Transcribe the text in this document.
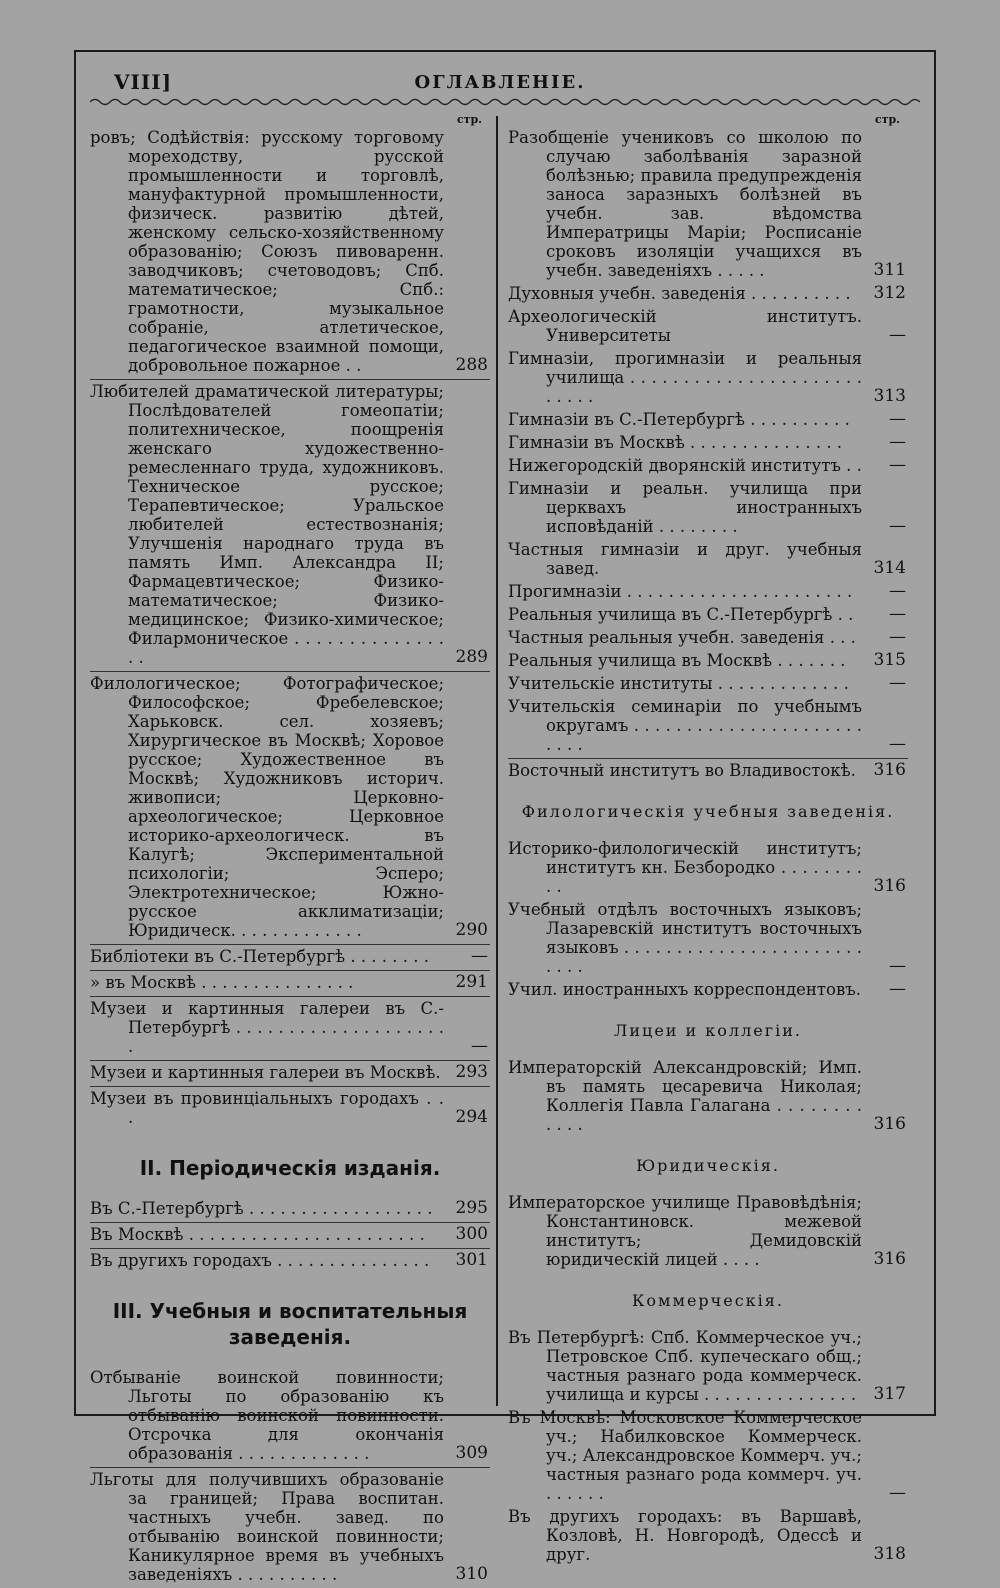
VIII]	ОГЛАВЛЕНІЕ.
стр.
ровъ; Содѣйствія: русскому торговому мореходству, русской промышленности и торговлѣ, мануфактурной промышленности, физическ. развитію дѣтей, женскому сельско-хозяйственному образованію; Союзъ пивоваренн. заводчиковъ; счетоводовъ; Спб. математическое; Спб.: грамотности, музыкальное собраніе, атлетическое, педагогическое взаимной помощи, добровольное пожарное . .	288
Любителей драматической литературы; Послѣдователей гомеопатіи; политехническое, поощренія женскаго художественно-ремесленнаго труда, художниковъ. Техническое русское; Терапевтическое; Уральское любителей естествознанія; Улучшенія народнаго труда въ память Имп. Александра II; Фармацевтическое; Физико-математическое; Физико-медицинское; Физико-химическое; Филармоническое . . . . . . . . . . . . . . . .	289
Филологическое; Фотографическое; Философское; Фребелевское; Харьковск. сел. хозяевъ; Хирургическое въ Москвѣ; Хоровое русское; Художественное въ Москвѣ; Художниковъ историч. живописи; Церковно-археологическое; Церковное историко-археологическ. въ Калугѣ; Экспериментальной психологіи; Эсперо; Электротехническое; Южно-русское акклиматизаціи; Юридическ. . . . . . . . . . . . .	290
Библіотеки въ С.-Петербургѣ . . . . . . . .	—
» въ Москвѣ . . . . . . . . . . . . . . .	291
Музеи и картинныя галереи въ С.-Петербургѣ . . . . . . . . . . . . . . . . . . . . .	—
Музеи и картинныя галереи въ Москвѣ. 293
Музеи въ провинціальныхъ городахъ . . .	294
II. Періодическія изданія.
Въ С.-Петербургѣ . . . . . . . . . . . . . . . . . .	295
Въ Москвѣ . . . . . . . . . . . . . . . . . . . . . . .	300
Въ другихъ городахъ . . . . . . . . . . . . . . .	301
III. Учебныя и воспитательныя заведенія.
Отбываніе воинской повинности; Льготы по образованію къ отбыванію воинской повинности. Отсрочка для окончанія образованія . . . . . . . . . . . . .	309
Льготы для получившихъ образованіе за границей; Права воспитан. частныхъ учебн. завед. по отбыванію воинской повинности; Каникулярное время въ учебныхъ заведеніяхъ . . . . . . . . . .	310
стр.
Разобщеніе учениковъ со школою по случаю заболѣванія заразной болѣзнью; правила предупрежденія заноса заразныхъ болѣзней въ учебн. зав. вѣдомства Императрицы Маріи; Росписаніе сроковъ изоляціи учащихся въ учебн. заведеніяхъ . . . . .	311
Духовныя учебн. заведенія . . . . . . . . . .	312
Археологическій институтъ. Университеты	—
Гимназіи, прогимназіи и реальныя училища . . . . . . . . . . . . . . . . . . . . . . . . . . .	313
Гимназіи въ С.-Петербургѣ . . . . . . . . . .	—
Гимназіи въ Москвѣ . . . . . . . . . . . . . . .	—
Нижегородскій дворянскій институтъ . . —
Гимназіи и реальн. училища при церквахъ иностранныхъ исповѣданій . . . . . . . .	—
Частныя гимназіи и друг. учебныя завед.	314
Прогимназіи . . . . . . . . . . . . . . . . . . . . . .	—
Реальныя училища въ С.-Петербургѣ . .	—
Частныя реальныя учебн. заведенія . . .	—
Реальныя училища въ Москвѣ . . . . . . .	315
Учительскіе институты . . . . . . . . . . . . .	—
Учительскія семинаріи по учебнымъ округамъ . . . . . . . . . . . . . . . . . . . . . . . . . .	—
Восточный институтъ во Владивостокѣ.	316
Филологическія учебныя заведенія.
Историко-филологическій институтъ; институтъ кн. Безбородко . . . . . . . . . .	316
Учебный отдѣлъ восточныхъ языковъ; Лазаревскій институтъ восточныхъ языковъ . . . . . . . . . . . . . . . . . . . . . . . . . . .	—
Учил. иностранныхъ корреспондентовъ. —
Лицеи и коллегіи.
Императорскій Александровскій; Имп. въ память цесаревича Николая; Коллегія Павла Галагана . . . . . . . . . . . .	316
Юридическія.
Императорское училище Правовѣдѣнія; Константиновск. межевой институтъ; Демидовскій юридическій лицей . . . .	316
Коммерческія.
Въ Петербургѣ: Спб. Коммерческое уч.; Петровское Спб. купеческаго общ.; частныя разнаго рода коммерческ. училища и курсы . . . . . . . . . . . . . . .	317
Въ Москвѣ: Московское Коммерческое уч.; Набилковское Коммерческ. уч.; Александровское Коммерч. уч.; частныя разнаго рода коммерч. уч. . . . . . .	—
Въ другихъ городахъ: въ Варшавѣ, Козловѣ, Н. Новгородѣ, Одессѣ и друг.	318
